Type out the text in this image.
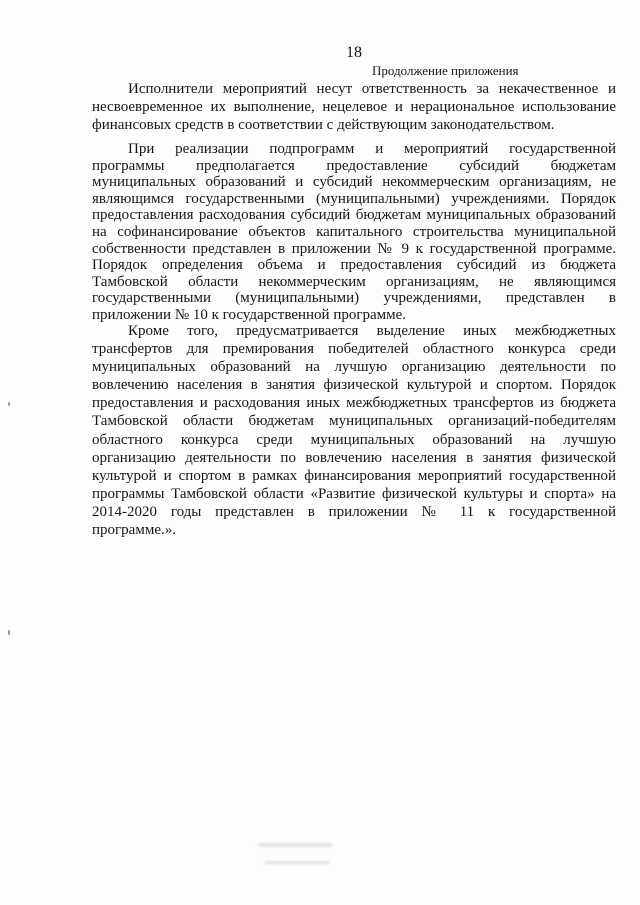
18
Продолжение приложения
Исполнители мероприятий несут ответственность за некачественное и
несвоевременное их выполнение, нецелевое и нерациональное использование
финансовых средств в соответствии с действующим законодательством.
При реализации подпрограмм и мероприятий государственной
программы предполагается предоставление субсидий бюджетам
муниципальных образований и субсидий некоммерческим организациям, не
являющимся государственными (муниципальными) учреждениями. Порядок
предоставления расходования субсидий бюджетам муниципальных образований
на софинансирование объектов капитального строительства муниципальной
собственности представлен в приложении № 9 к государственной программе.
Порядок определения объема и предоставления субсидий из бюджета
Тамбовской области некоммерческим организациям, не являющимся
государственными (муниципальными) учреждениями, представлен в
приложении № 10 к государственной программе.
Кроме того, предусматривается выделение иных межбюджетных
трансфертов для премирования победителей областного конкурса среди
муниципальных образований на лучшую организацию деятельности по
вовлечению населения в занятия физической культурой и спортом. Порядок
предоставления и расходования иных межбюджетных трансфертов из бюджета
Тамбовской области бюджетам муниципальных организаций-победителям
областного конкурса среди муниципальных образований на лучшую
организацию деятельности по вовлечению населения в занятия физической
культурой и спортом в рамках финансирования мероприятий государственной
программы Тамбовской области «Развитие физической культуры и спорта» на
2014-2020 годы представлен в приложении № 11 к государственной
программе.».
